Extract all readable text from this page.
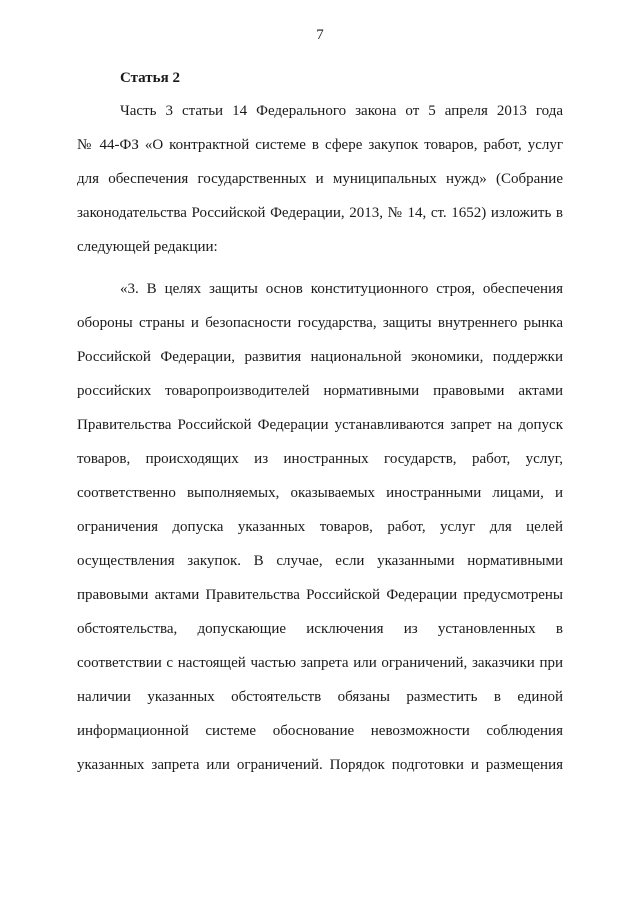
7
Статья 2
Часть 3 статьи 14 Федерального закона от 5 апреля 2013 года
№ 44-ФЗ «О контрактной системе в сфере закупок товаров, работ, услуг
для обеспечения государственных и муниципальных нужд» (Собрание
законодательства Российской Федерации, 2013, № 14, ст. 1652) изложить в
следующей редакции:
«3. В целях защиты основ конституционного строя, обеспечения
обороны страны и безопасности государства, защиты внутреннего рынка
Российской Федерации, развития национальной экономики, поддержки
российских товаропроизводителей нормативными правовыми актами
Правительства Российской Федерации устанавливаются запрет на допуск
товаров, происходящих из иностранных государств, работ, услуг,
соответственно выполняемых, оказываемых иностранными лицами, и
ограничения допуска указанных товаров, работ, услуг для целей
осуществления закупок. В случае, если указанными нормативными
правовыми актами Правительства Российской Федерации предусмотрены
обстоятельства, допускающие исключения из установленных в
соответствии с настоящей частью запрета или ограничений, заказчики при
наличии указанных обстоятельств обязаны разместить в единой
информационной системе обоснование невозможности соблюдения
указанных запрета или ограничений. Порядок подготовки и размещения
